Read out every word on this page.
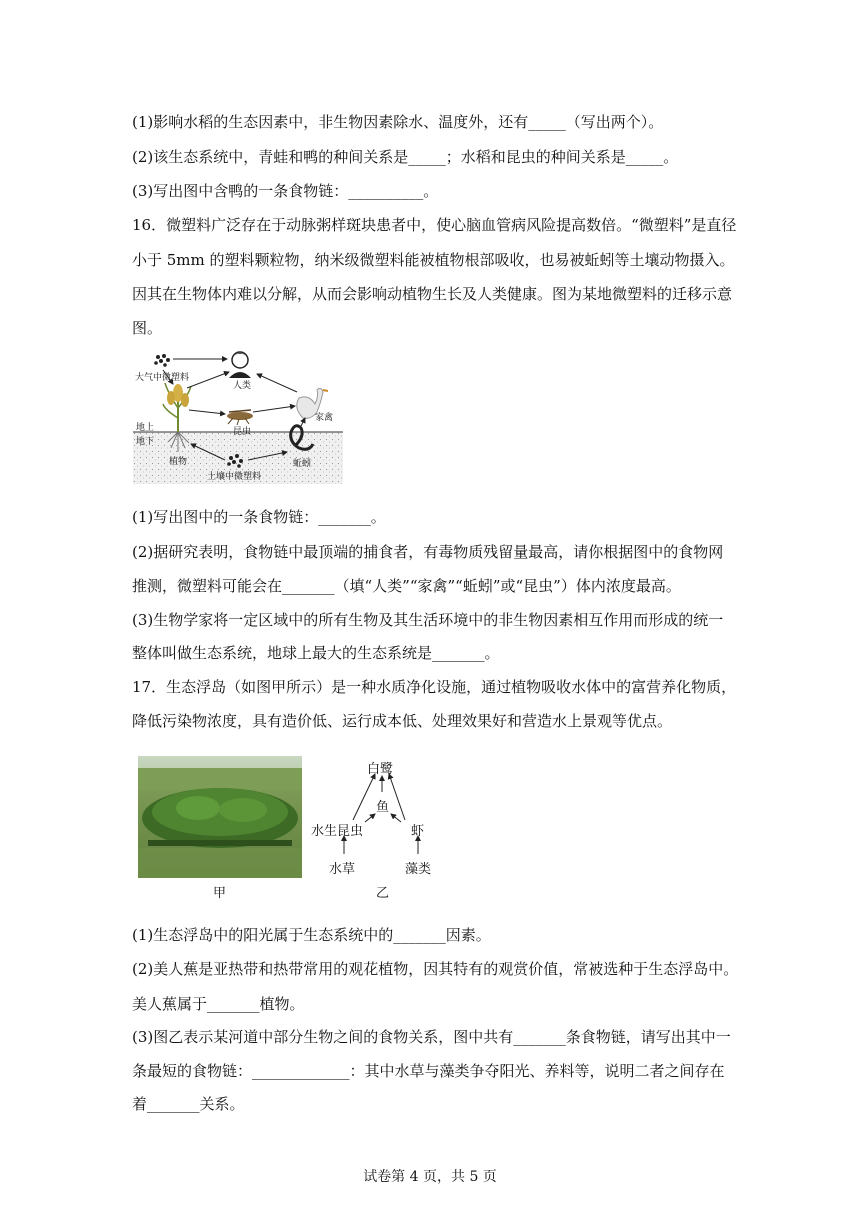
(1)影响水稻的生态因素中，非生物因素除水、温度外，还有_____（写出两个）。
(2)该生态系统中，青蛙和鸭的种间关系是_____；水稻和昆虫的种间关系是_____。
(3)写出图中含鸭的一条食物链：__________。
16．微塑料广泛存在于动脉粥样斑块患者中，使心脑血管病风险提高数倍。“微塑料”是直径
小于 5mm 的塑料颗粒物，纳米级微塑料能被植物根部吸收，也易被蚯蚓等土壤动物摄入。
因其在生物体内难以分解，从而会影响动植物生长及人类健康。图为某地微塑料的迁移示意
图。
大气中微塑料
人类
家禽
昆虫
地上
地下
植物
土壤中微塑料
蚯蚓
(1)写出图中的一条食物链：_______。
(2)据研究表明，食物链中最顶端的捕食者，有毒物质残留量最高，请你根据图中的食物网
推测，微塑料可能会在_______（填“人类”“家禽”“蚯蚓”或“昆虫”）体内浓度最高。
(3)生物学家将一定区域中的所有生物及其生活环境中的非生物因素相互作用而形成的统一
整体叫做生态系统，地球上最大的生态系统是_______。
17．生态浮岛（如图甲所示）是一种水质净化设施，通过植物吸收水体中的富营养化物质，
降低污染物浓度，具有造价低、运行成本低、处理效果好和营造水上景观等优点。
甲
白鹭
鱼
水生昆虫	虾
水草	藻类
乙
(1)生态浮岛中的阳光属于生态系统中的_______因素。
(2)美人蕉是亚热带和热带常用的观花植物，因其特有的观赏价值，常被选种于生态浮岛中。
美人蕉属于_______植物。
(3)图乙表示某河道中部分生物之间的食物关系，图中共有_______条食物链，请写出其中一
条最短的食物链：_____________：其中水草与藻类争夺阳光、养料等，说明二者之间存在
着_______关系。
试卷第 4 页，共 5 页
